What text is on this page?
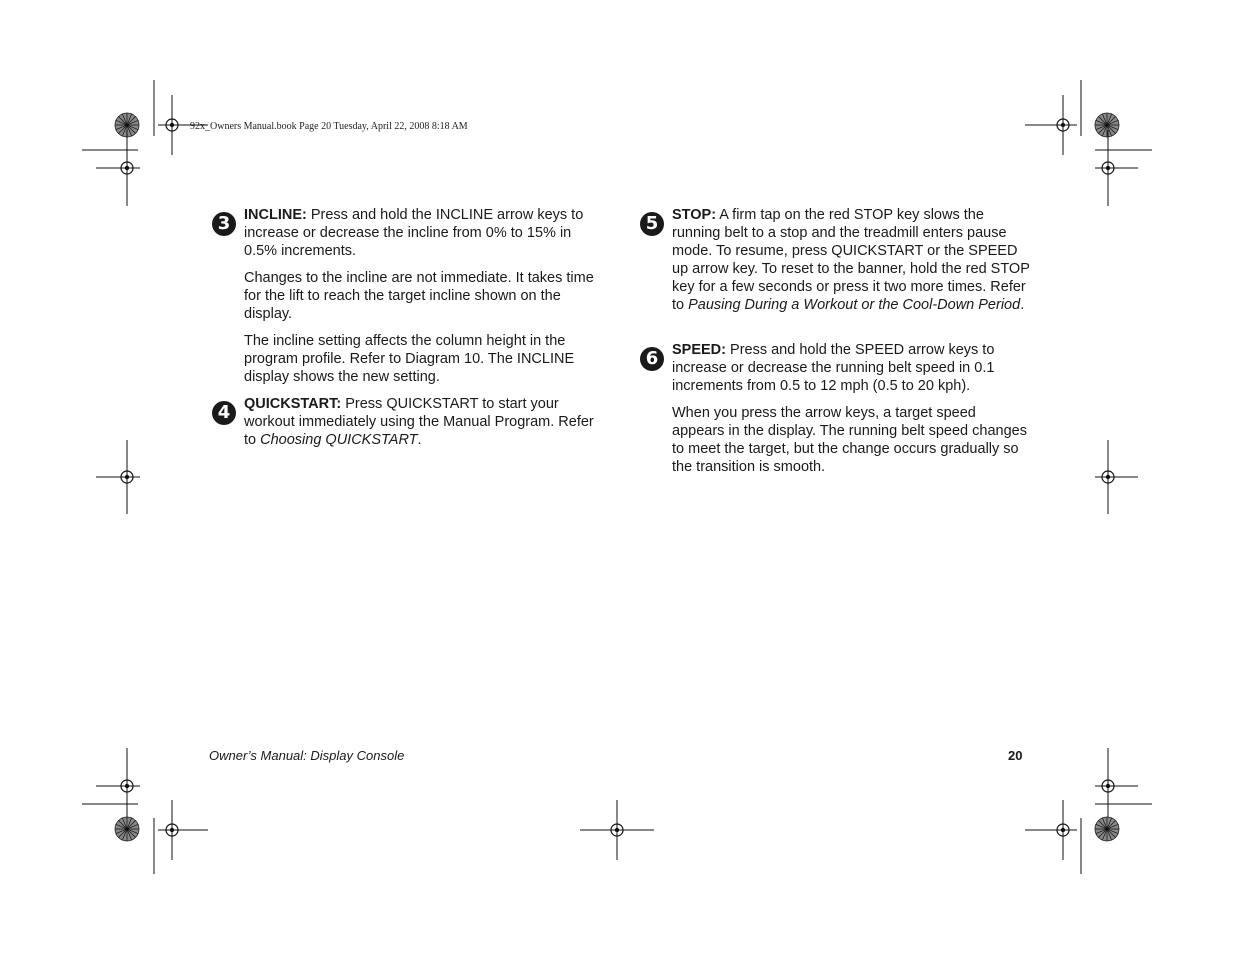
92x_Owners Manual.book Page 20 Tuesday, April 22, 2008 8:18 AM
3 INCLINE: Press and hold the INCLINE arrow keys to increase or decrease the incline from 0% to 15% in 0.5% increments.

Changes to the incline are not immediate. It takes time for the lift to reach the target incline shown on the display.

The incline setting affects the column height in the program profile. Refer to Diagram 10. The INCLINE display shows the new setting.

4 QUICKSTART: Press QUICKSTART to start your workout immediately using the Manual Program. Refer to Choosing QUICKSTART.

5 STOP: A firm tap on the red STOP key slows the running belt to a stop and the treadmill enters pause mode. To resume, press QUICKSTART or the SPEED up arrow key. To reset to the banner, hold the red STOP key for a few seconds or press it two more times. Refer to Pausing During a Workout or the Cool-Down Period.

6 SPEED: Press and hold the SPEED arrow keys to increase or decrease the running belt speed in 0.1 increments from 0.5 to 12 mph (0.5 to 20 kph).

When you press the arrow keys, a target speed appears in the display. The running belt speed changes to meet the target, but the change occurs gradually so the transition is smooth.

Owner’s Manual: Display Console	20
